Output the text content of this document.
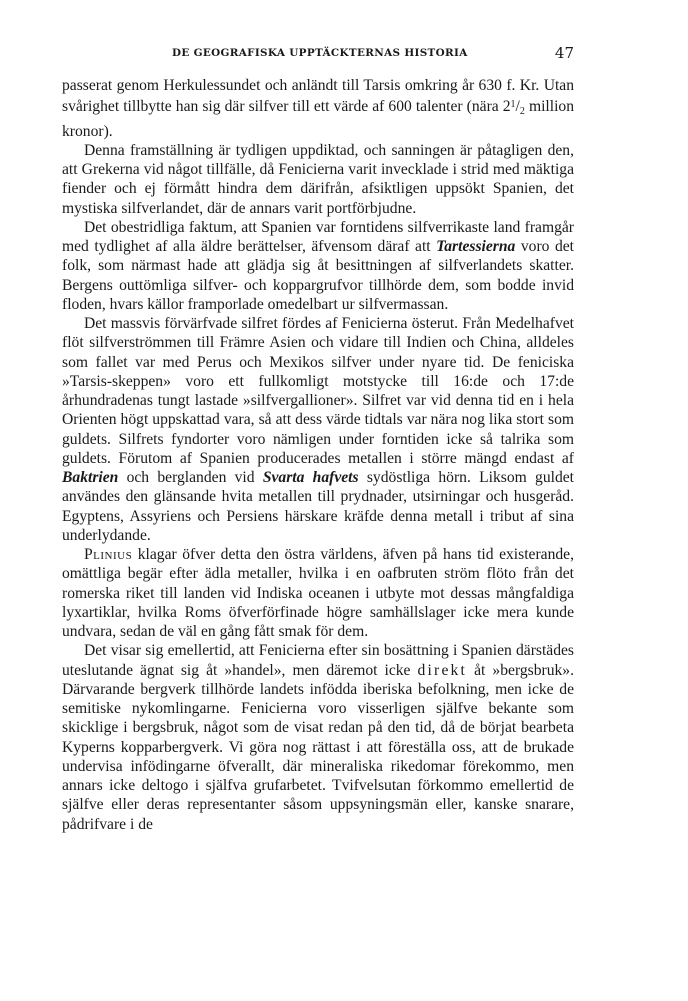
DE GEOGRAFISKA UPPTÄCKTERNAS HISTORIA	47

passerat genom Herkulessundet och anländt till Tarsis omkring år 630 f. Kr. Utan svårighet tillbytte han sig där silfver till ett värde af 600 talenter (nära $2^1/_2$ million kronor).

Denna framställning är tydligen uppdiktad, och sanningen är påtagligen den, att Grekerna vid något tillfälle, då Fenicierna varit invecklade i strid med mäktiga fiender och ej förmått hindra dem därifrån, afsiktligen uppsökt Spanien, det mystiska silfverlandet, där de annars varit portförbjudne.

Det obestridliga faktum, att Spanien var forntidens silfverrikaste land framgår med tydlighet af alla äldre berättelser, äfvensom däraf att Tartessierna voro det folk, som närmast hade att glädja sig åt besittningen af silfverlandets skatter. Bergens outtömliga silfver- och koppargrufvor tillhörde dem, som bodde invid floden, hvars källor framporlade omedelbart ur silfvermassan.

Det massvis förvärfvade silfret fördes af Fenicierna österut. Från Medelhafvet flöt silfverströmmen till Främre Asien och vidare till Indien och China, alldeles som fallet var med Perus och Mexikos silfver under nyare tid. De feniciska »Tarsis-skeppen» voro ett fullkomligt motstycke till 16:de och 17:de århundradenas tungt lastade »silfvergallioner». Silfret var vid denna tid en i hela Orienten högt uppskattad vara, så att dess värde tidtals var nära nog lika stort som guldets. Silfrets fyndorter voro nämligen under forntiden icke så talrika som guldets. Förutom af Spanien producerades metallen i större mängd endast af Baktrien och berglanden vid Svarta hafvets sydöstliga hörn. Liksom guldet användes den glänsande hvita metallen till prydnader, utsirningar och husgeråd. Egyptens, Assyriens och Persiens härskare kräfde denna metall i tribut af sina underlydande.

Plinius klagar öfver detta den östra världens, äfven på hans tid existerande, omättliga begär efter ädla metaller, hvilka i en oafbruten ström flöto från det romerska riket till landen vid Indiska oceanen i utbyte mot dessas mångfaldiga lyxartiklar, hvilka Roms öfverförfinade högre samhällslager icke mera kunde undvara, sedan de väl en gång fått smak för dem.

Det visar sig emellertid, att Fenicierna efter sin bosättning i Spanien därstädes uteslutande ägnat sig åt »handel», men däremot icke direkt åt »bergsbruk». Därvarande bergverk tillhörde landets infödda iberiska befolkning, men icke de semitiske nykomlingarne. Fenicierna voro visserligen själfve bekante som skicklige i bergsbruk, något som de visat redan på den tid, då de börjat bearbeta Kyperns kopparbergverk. Vi göra nog rättast i att föreställa oss, att de brukade undervisa infödingarne öfverallt, där mineraliska rikedomar förekommo, men annars icke deltogo i själfva grufarbetet. Tvifvelsutan förkommo emellertid de själfve eller deras representanter såsom uppsyningsmän eller, kanske snarare, pådrifvare i de
